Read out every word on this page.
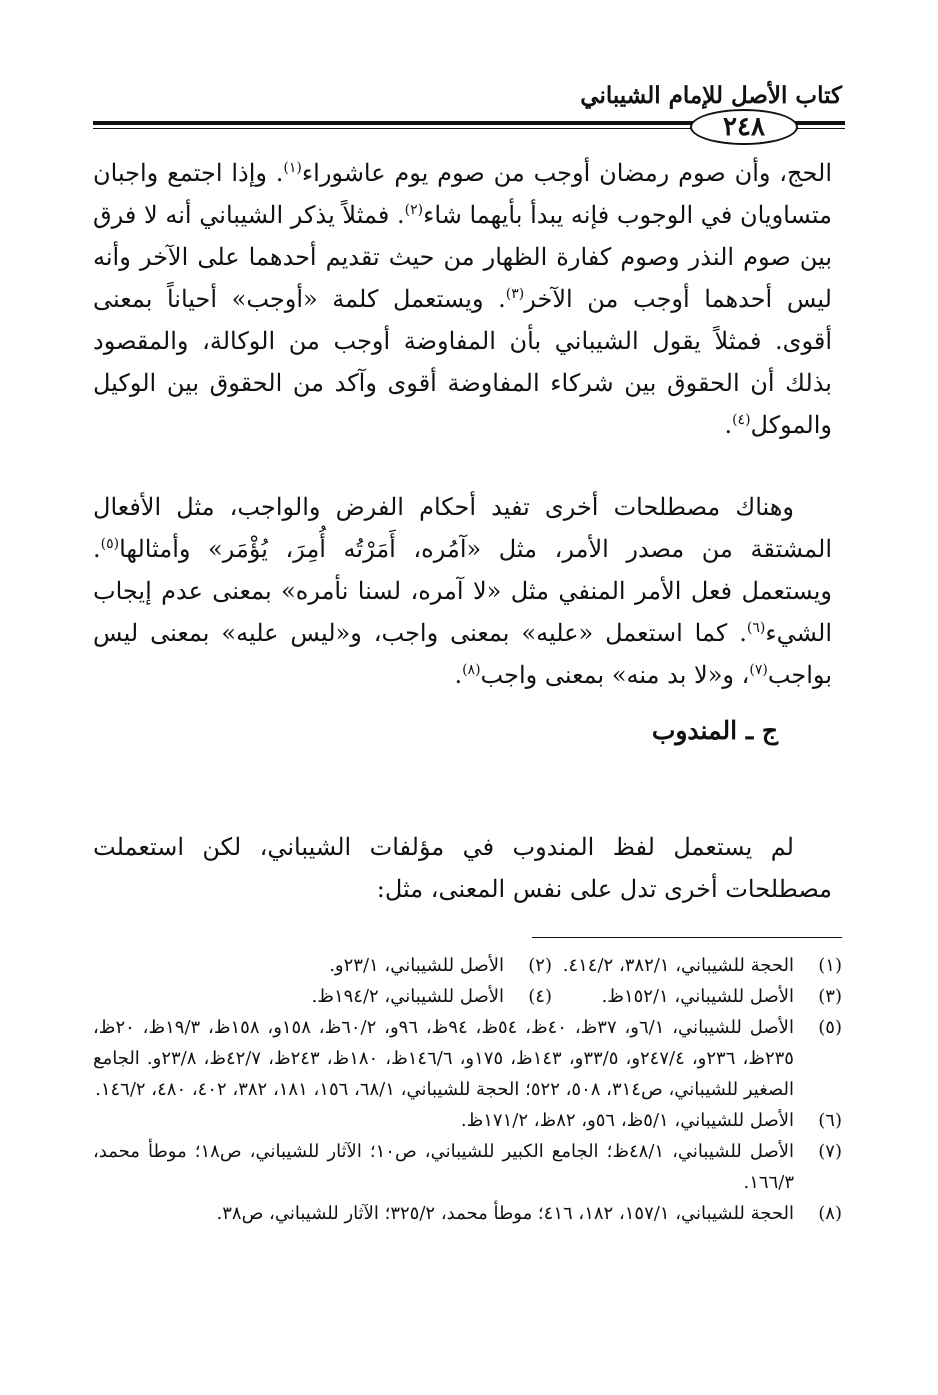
كتاب الأصل للإمام الشيباني
٢٤٨

الحج، وأن صوم رمضان أوجب من صوم يوم عاشوراء$^{(١)}$. وإذا اجتمع واجبان متساويان في الوجوب فإنه يبدأ بأيهما شاء$^{(٢)}$. فمثلاً يذكر الشيباني أنه لا فرق بين صوم النذر وصوم كفارة الظهار من حيث تقديم أحدهما على الآخر وأنه ليس أحدهما أوجب من الآخر$^{(٣)}$. ويستعمل كلمة «أوجب» أحياناً بمعنى أقوى. فمثلاً يقول الشيباني بأن المفاوضة أوجب من الوكالة، والمقصود بذلك أن الحقوق بين شركاء المفاوضة أقوى وآكد من الحقوق بين الوكيل والموكل$^{(٤)}$.

وهناك مصطلحات أخرى تفيد أحكام الفرض والواجب، مثل الأفعال المشتقة من مصدر الأمر، مثل «آمُره، أَمَرْتُه أُمِرَ، يُؤْمَر» وأمثالها$^{(٥)}$. ويستعمل فعل الأمر المنفي مثل «لا آمره، لسنا نأمره» بمعنى عدم إيجاب الشيء$^{(٦)}$. كما استعمل «عليه» بمعنى واجب، و«ليس عليه» بمعنى ليس بواجب$^{(٧)}$، و«لا بد منه» بمعنى واجب$^{(٨)}$.

ج ـ المندوب

لم يستعمل لفظ المندوب في مؤلفات الشيباني، لكن استعملت مصطلحات أخرى تدل على نفس المعنى، مثل:

(١)
الحجة للشيباني، ٣٨٢/١، ٤١٤/٢.
(٢)
الأصل للشيباني، ٢٣/١و.
(٣)
الأصل للشيباني، ١٥٢/١ظ.
(٤)
الأصل للشيباني، ١٩٤/٢ظ.
(٥)
الأصل للشيباني، ٦/١و، ٣٧ظ، ٤٠ظ، ٥٤ظ، ٩٤ظ، ٩٦و، ٦٠/٢ظ، ١٥٨و، ١٥٨ظ، ١٩/٣ظ، ٢٠ظ، ٢٣٥ظ، ٢٣٦و، ٢٤٧/٤و، ٣٣/٥و، ١٤٣ظ، ١٧٥و، ١٤٦/٦ظ، ١٨٠ظ، ٢٤٣ظ، ٤٢/٧ظ، ٢٣/٨و. الجامع الصغير للشيباني، ص٣١٤، ٥٠٨، ٥٢٢؛ الحجة للشيباني، ٦٨/١، ١٥٦، ١٨١، ٣٨٢، ٤٠٢، ٤٨٠، ١٤٦/٢.
(٦)
الأصل للشيباني، ٥/١ظ، ٥٦و، ٨٢ظ، ١٧١/٢ظ.
(٧)
الأصل للشيباني، ٤٨/١ظ؛ الجامع الكبير للشيباني، ص١٠؛ الآثار للشيباني، ص١٨؛ موطأ محمد، ١٦٦/٣.
(٨)
الحجة للشيباني، ١٥٧/١، ١٨٢، ٤١٦؛ موطأ محمد، ٣٢٥/٢؛ الآثار للشيباني، ص٣٨.
